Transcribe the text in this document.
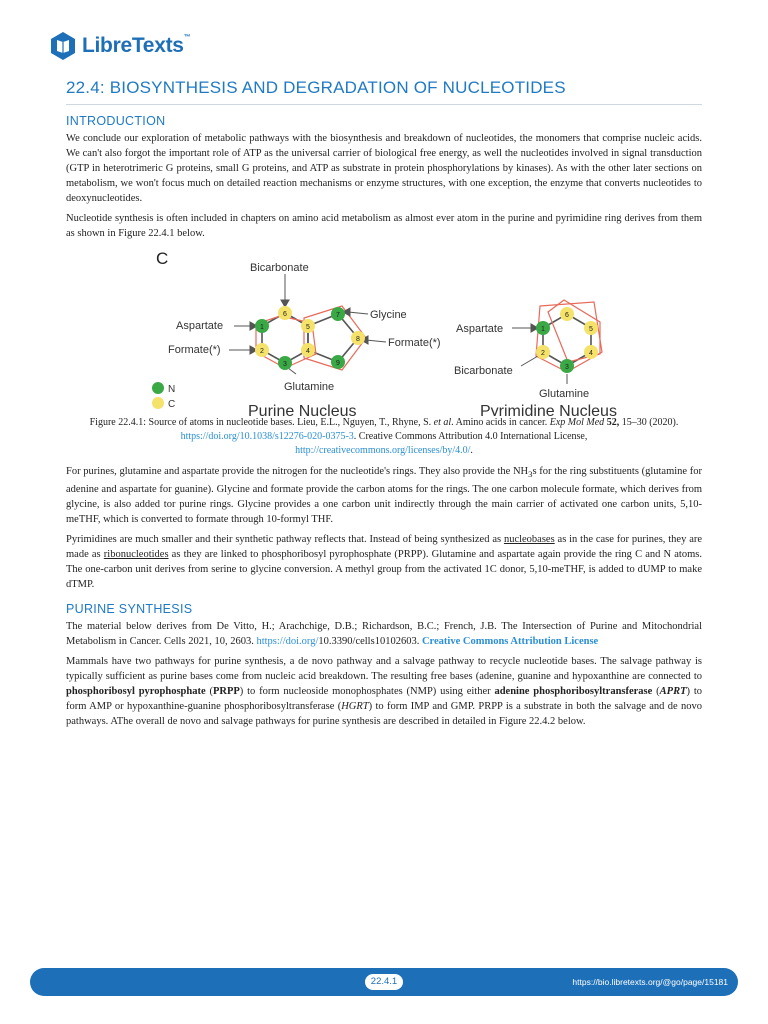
LibreTexts™
22.4: BIOSYNTHESIS AND DEGRADATION OF NUCLEOTIDES
INTRODUCTION

We conclude our exploration of metabolic pathways with the biosynthesis and breakdown of nucleotides, the monomers that comprise nucleic acids. We can't also forgot the important role of ATP as the universal carrier of biological free energy, as well the nucleotides involved in signal transduction (GTP in heterotrimeric G proteins, small G proteins, and ATP as substrate in protein phosphorylations by kinases). As with the other later sections on metabolism, we won't focus much on detailed reaction mechanisms or enzyme structures, with one exception, the enzyme that converts nucleotides to deoxynucleotides.

Nucleotide synthesis is often included in chapters on amino acid metabolism as almost ever atom in the purine and pyrimidine ring derives from them as shown in Figure 22.4.1 below.

C
1
2
3
4
5
6	7
8
9
Bicarbonate
Aspartate
Formate(*)
Glycine
Formate(*)
Glutamine
Purine Nucleus
N
C
1
2
3
4
5
6
Aspartate
Bicarbonate
Glutamine
Pyrimidine Nucleus

Figure 22.4.1: Source of atoms in nucleotide bases. Lieu, E.L., Nguyen, T., Rhyne, S. et al. Amino acids in cancer. Exp Mol Med 52, 15–30 (2020). https://doi.org/10.1038/s12276-020-0375-3. Creative Commons Attribution 4.0 International License,
http://creativecommons.org/licenses/by/4.0/.

For purines, glutamine and aspartate provide the nitrogen for the nucleotide's rings. They also provide the $NH_3s$ for the ring substituents (glutamine for adenine and aspartate for guanine). Glycine and formate provide the carbon atoms for the rings. The one carbon molecule formate, which derives from glycine, is also added tor purine rings. Glycine provides a one carbon unit indirectly through the main carrier of activated one carbon units, 5,10-meTHF, which is converted to formate through 10-formyl THF.

Pyrimidines are much smaller and their synthetic pathway reflects that. Instead of being synthesized as nucleobases as in the case for purines, they are made as ribonucleotides as they are linked to phosphoribosyl pyrophosphate (PRPP). Glutamine and aspartate again provide the ring C and N atoms. The one-carbon unit derives from serine to glycine conversion. A methyl group from the activated 1C donor, 5,10-meTHF, is added to dUMP to make dTMP.

PURINE SYNTHESIS

The material below derives from De Vitto, H.; Arachchige, D.B.; Richardson, B.C.; French, J.B. The Intersection of Purine and Mitochondrial Metabolism in Cancer. Cells 2021, 10, 2603. https://doi.org/10.3390/cells10102603. Creative Commons Attribution License

Mammals have two pathways for purine synthesis, a de novo pathway and a salvage pathway to recycle nucleotide bases. The salvage pathway is typically sufficient as purine bases come from nucleic acid breakdown. The resulting free bases (adenine, guanine and hypoxanthine are connected to phosphoribosyl pyrophosphate (PRPP) to form nucleoside monophosphates (NMP) using either adenine phosphoribosyltransferase (APRT) to form AMP or hypoxanthine-guanine phosphoribosyltransferase (HGRT) to form IMP and GMP. PRPP is a substrate in both the salvage and de novo pathways. AThe overall de novo and salvage pathways for purine synthesis are described in detailed in Figure 22.4.2 below.

22.4.1	https://bio.libretexts.org/@go/page/15181
